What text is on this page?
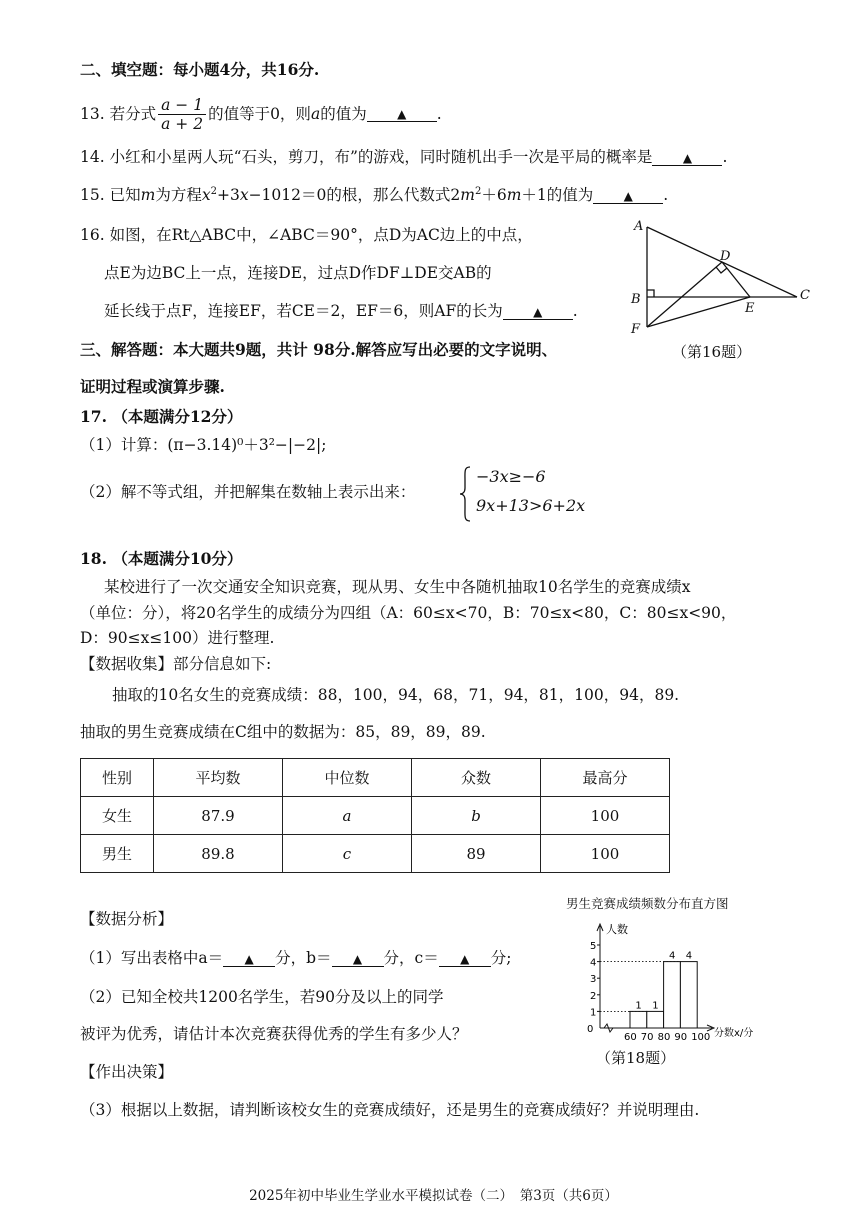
二、填空题：每小题4分，共16分.
13.
若分式 $\frac{a - 1}{a + 2}$ 的值等于0，则 a 的值为	▲	.
14. 小红和小星两人玩“石头，剪刀，布”的游戏，同时随机出手一次是平局的概率是	▲ .
15. 已知m为方程$x^2+3x-1012=0$的根，那么代数式$2m^2+6m+1$的值为	▲ .
16. 如图，在Rt△ABC中，∠ABC＝90°，点D为AC边上的中点，
点E为边BC上一点，连接DE，过点D作DF⊥DE交AB的
延长线于点F，连接EF，若CE＝2，EF＝6，则AF的长为	▲ .
A
B	C
D
E
F
（第16题）
三、解答题：本大题共9题，共计 98分.解答应写出必要的文字说明、
证明过程或演算步骤.
17. （本题满分12分）
（1）计算：(π−3.14)⁰＋3²−|−2|;
（2）解不等式组，并把解集在数轴上表示出来：
−3x≥−6
9x+13>6+2x
18. （本题满分10分）
某校进行了一次交通安全知识竞赛，现从男、女生中各随机抽取10名学生的竞赛成绩x
（单位：分），将20名学生的成绩分为四组（A：60≤x<70，B：70≤x<80，C：80≤x<90，
D：90≤x≤100）进行整理.
【数据收集】部分信息如下:
抽取的10名女生的竞赛成绩：88，100，94，68，71，94，81，100，94，89.
抽取的男生竞赛成绩在C组中的数据为：85，89，89，89.
性别	平均数	中位数	众数	最高分
女生	87.9	a	b	100
男生	89.8	c	89	100
【数据分析】
（1）写出表格中a＝ ▲ 分，b＝ ▲ 分，c＝ ▲ 分;
（2）已知全校共1200名学生，若90分及以上的同学
被评为优秀，请估计本次竞赛获得优秀的学生有多少人？
【作出决策】
（3）根据以上数据，请判断该校女生的竞赛成绩好，还是男生的竞赛成绩好？并说明理由.
男生竞赛成绩频数分布直方图
人数
分数x/分
1
2
3
4
5
0
60 70 80 90 100
1 1
4 4
（第18题）
2025年初中毕业生学业水平模拟试卷（二）　第3页（共6页）
